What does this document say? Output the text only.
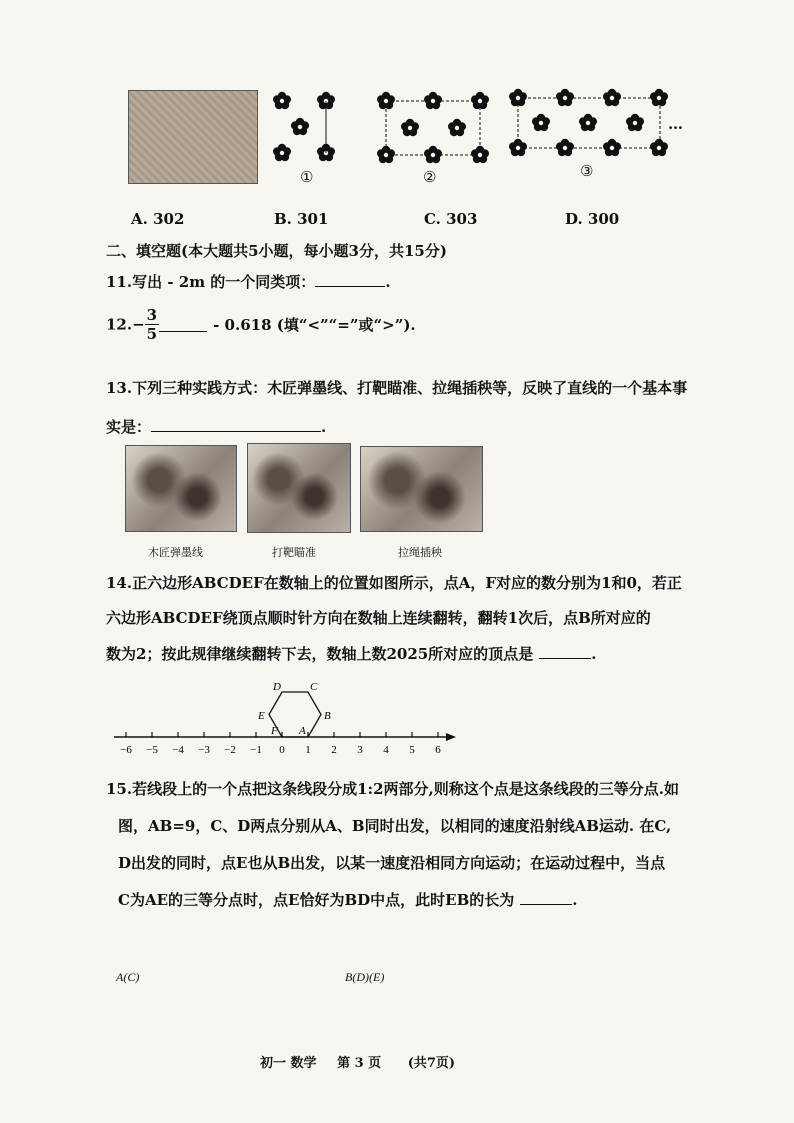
①	②	③
…
A. 302	B. 301	C. 303	D. 300
二、填空题(本大题共5小题，每小题3分，共15分)
11.写出 - 2m 的一个同类项：	.
$12.- \frac{3}{5}$	- 0.618 (填“<”“=”或“>”).
13.下列三种实践方式：木匠弹墨线、打靶瞄准、拉绳插秧等，反映了直线的一个基本事
实是：	.
木匠弹墨线	打靶瞄准	拉绳插秧
14.正六边形ABCDEF在数轴上的位置如图所示，点A，F对应的数分别为1和0，若正
六边形ABCDEF绕顶点顺时针方向在数轴上连续翻转，翻转1次后，点B所对应的
数为2；按此规律继续翻转下去，数轴上数2025所对应的顶点是	.
−6 −5 −4 −3 −2 −1 0 1 2 3 4 5 6
A
B
C
D
E
F
15.若线段上的一个点把这条线段分成1:2两部分,则称这个点是这条线段的三等分点.如
图，AB=9，C、D两点分别从A、B同时出发，以相同的速度沿射线AB运动. 在C,
D出发的同时，点E也从B出发，以某一速度沿相同方向运动；在运动过程中，当点
C为AE的三等分点时，点E恰好为BD中点，此时EB的长为	.
A(C)	B(D)(E)
初一 数学 第 3 页 (共7页)
